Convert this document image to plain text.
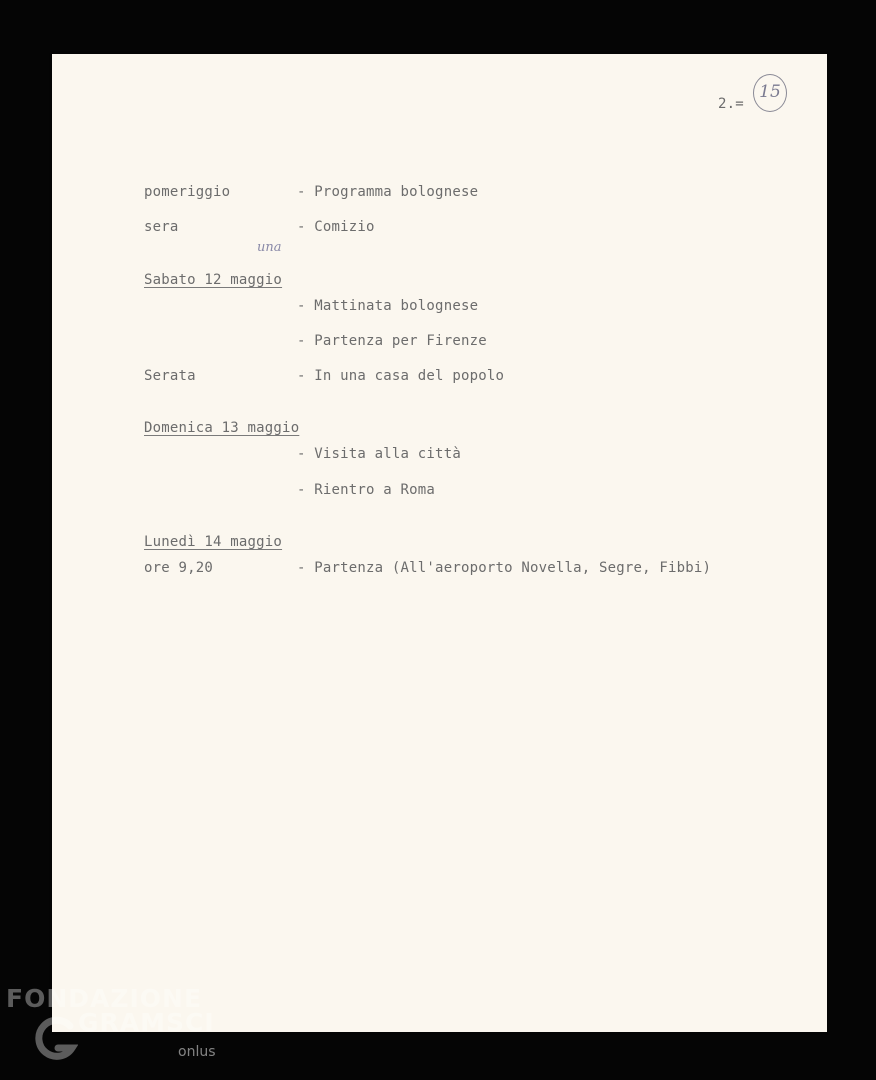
2.=
15
pomeriggio	- Programma bolognese
sera	- Comizio
una
Sabato 12 maggio
- Mattinata bolognese
- Partenza per Firenze
Serata	- In una casa del popolo
Domenica 13 maggio
- Visita alla città
- Rientro a Roma
Lunedì 14 maggio
ore 9,20	- Partenza (All'aeroporto Novella, Segre, Fibbi)
FONDAZIONE
GRAMSCI
onlus
